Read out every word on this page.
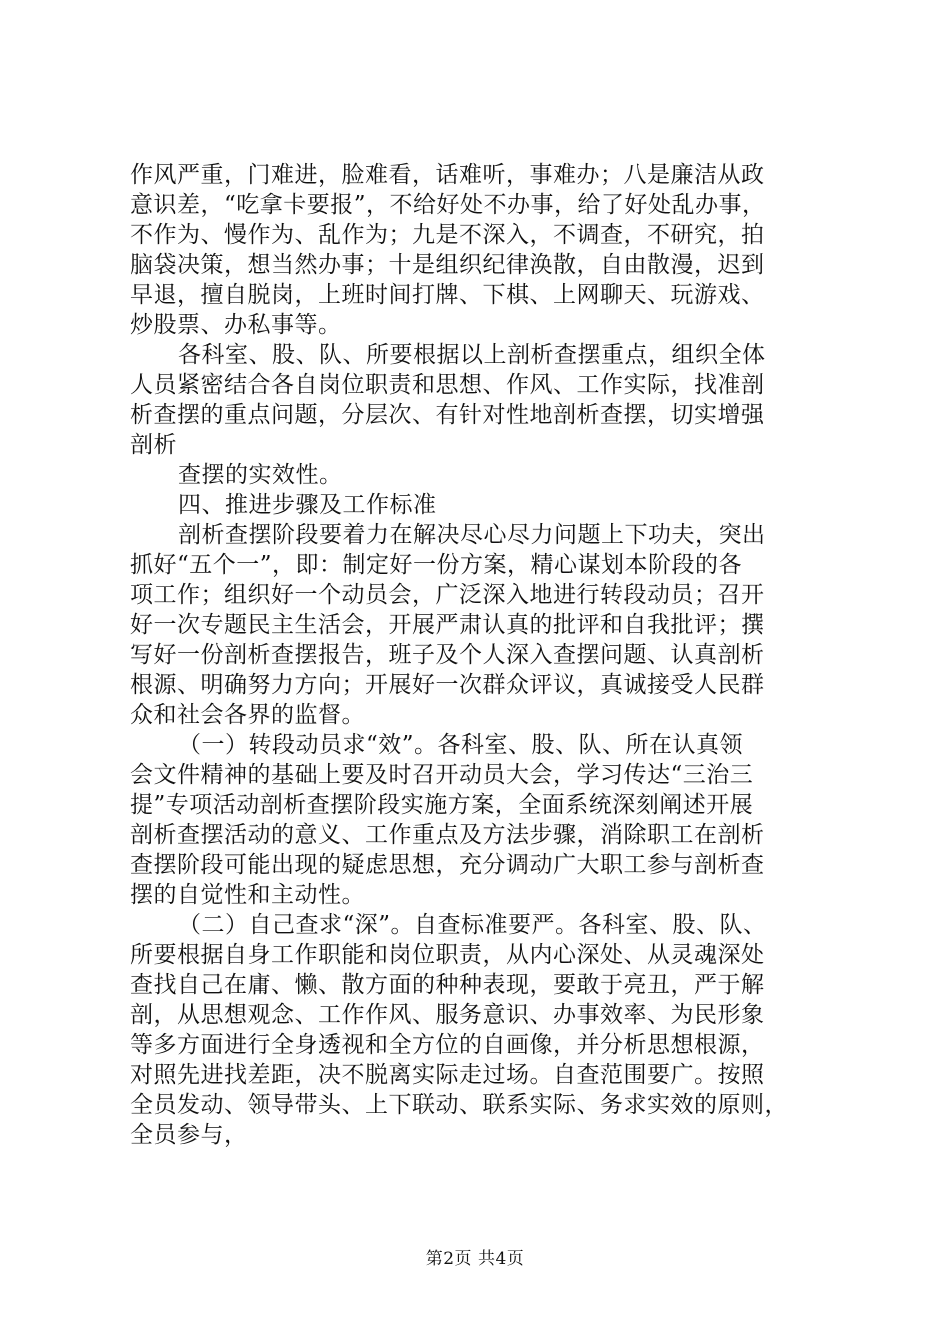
作风严重，门难进，脸难看，话难听，事难办；八是廉洁从政
意识差，“吃拿卡要报”，不给好处不办事，给了好处乱办事，
不作为、慢作为、乱作为；九是不深入，不调查，不研究，拍
脑袋决策，想当然办事；十是组织纪律涣散，自由散漫，迟到
早退，擅自脱岗，上班时间打牌、下棋、上网聊天、玩游戏、
炒股票、办私事等。
各科室、股、队、所要根据以上剖析查摆重点，组织全体
人员紧密结合各自岗位职责和思想、作风、工作实际，找准剖
析查摆的重点问题，分层次、有针对性地剖析查摆，切实增强
剖析
查摆的实效性。
四、推进步骤及工作标准
剖析查摆阶段要着力在解决尽心尽力问题上下功夫，突出
抓好“五个一”，即：制定好一份方案，精心谋划本阶段的各
项工作；组织好一个动员会，广泛深入地进行转段动员；召开
好一次专题民主生活会，开展严肃认真的批评和自我批评；撰
写好一份剖析查摆报告，班子及个人深入查摆问题、认真剖析
根源、明确努力方向；开展好一次群众评议，真诚接受人民群
众和社会各界的监督。
（一）转段动员求“效”。各科室、股、队、所在认真领
会文件精神的基础上要及时召开动员大会，学习传达“三治三
提”专项活动剖析查摆阶段实施方案，全面系统深刻阐述开展
剖析查摆活动的意义、工作重点及方法步骤，消除职工在剖析
查摆阶段可能出现的疑虑思想，充分调动广大职工参与剖析查
摆的自觉性和主动性。
（二）自己查求“深”。自查标准要严。各科室、股、队、
所要根据自身工作职能和岗位职责，从内心深处、从灵魂深处
查找自己在庸、懒、散方面的种种表现，要敢于亮丑，严于解
剖，从思想观念、工作作风、服务意识、办事效率、为民形象
等多方面进行全身透视和全方位的自画像，并分析思想根源，
对照先进找差距，决不脱离实际走过场。自查范围要广。按照
全员发动、领导带头、上下联动、联系实际、务求实效的原则，
全员参与，
第2页 共4页
